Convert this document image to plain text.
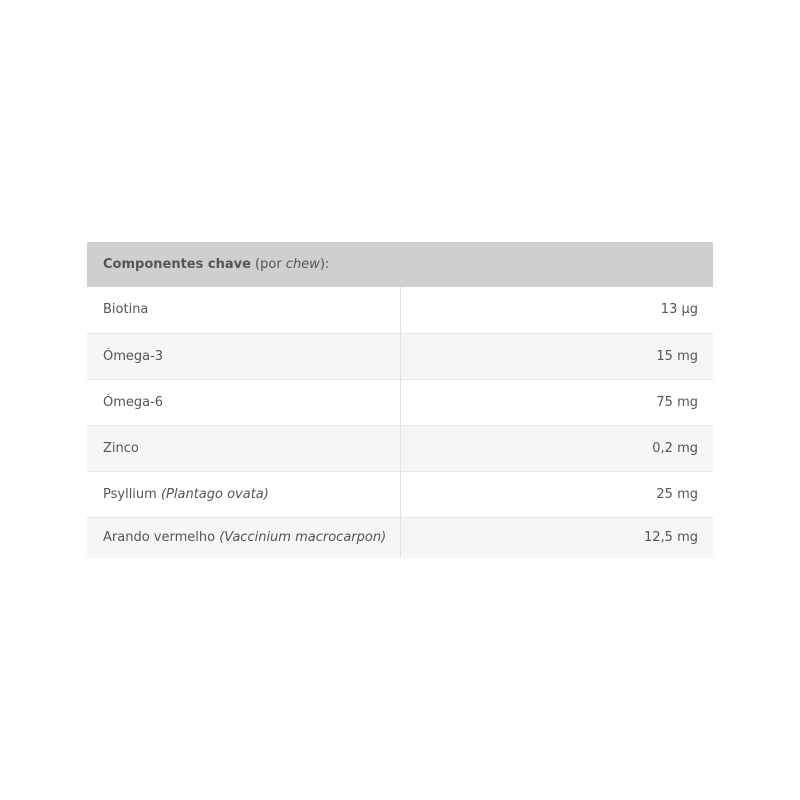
Componentes chave (por chew):	
Biotina	13 µg
Ómega-3	15 mg
Ómega-6	75 mg
Zinco	0,2 mg
Psyllium (Plantago ovata)	25 mg
Arando vermelho (Vaccinium macrocarpon)	12,5 mg
